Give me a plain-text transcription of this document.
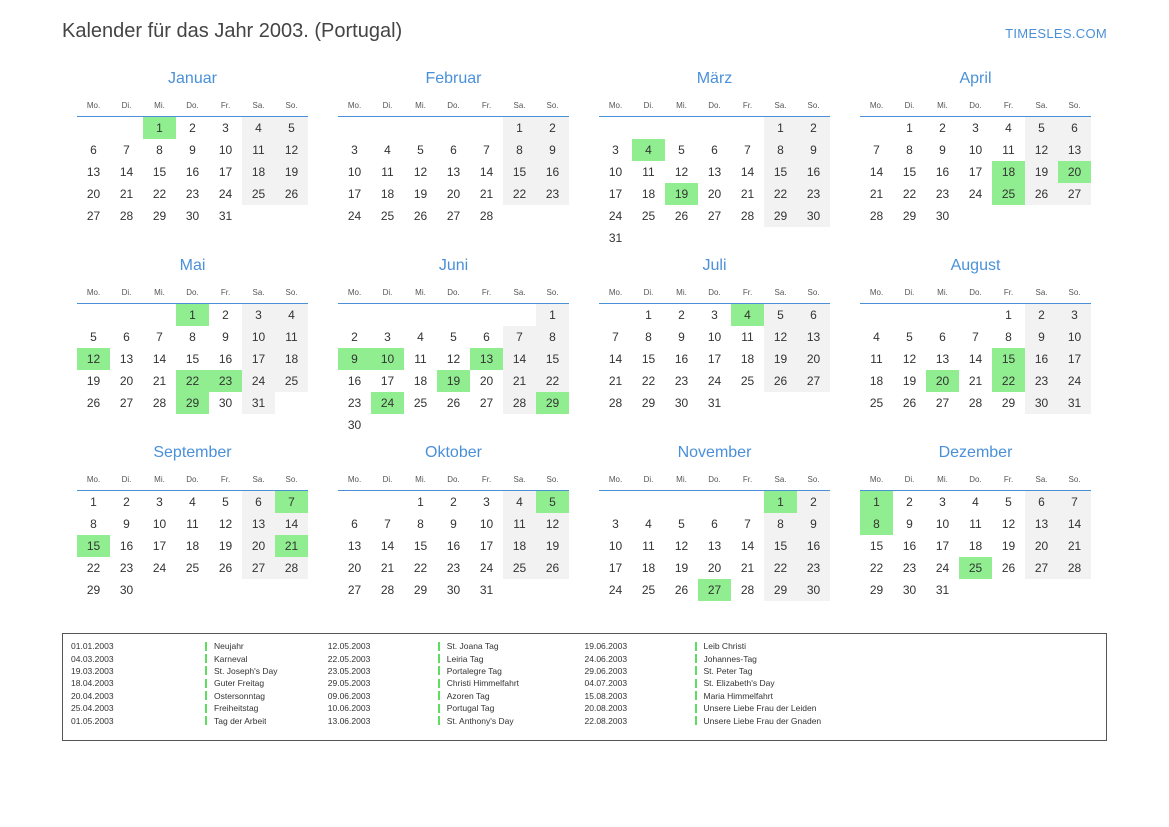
Kalender für das Jahr 2003. (Portugal)	TIMESLES.COM
Januar
Mo.	Di.	Mi.	Do.	Fr.	Sa.	So.

		1	2	3	4	5
6	7	8	9	10	11	12
13	14	15	16	17	18	19
20	21	22	23	24	25	26
27	28	29	30	31		
Februar
Mo.	Di.	Mi.	Do.	Fr.	Sa.	So.

					1	2
3	4	5	6	7	8	9
10	11	12	13	14	15	16
17	18	19	20	21	22	23
24	25	26	27	28		
März
Mo.	Di.	Mi.	Do.	Fr.	Sa.	So.

					1	2
3	4	5	6	7	8	9
10	11	12	13	14	15	16
17	18	19	20	21	22	23
24	25	26	27	28	29	30
31						
April
Mo.	Di.	Mi.	Do.	Fr.	Sa.	So.

	1	2	3	4	5	6
7	8	9	10	11	12	13
14	15	16	17	18	19	20
21	22	23	24	25	26	27
28	29	30				
Mai
Mo.	Di.	Mi.	Do.	Fr.	Sa.	So.

			1	2	3	4
5	6	7	8	9	10	11
12	13	14	15	16	17	18
19	20	21	22	23	24	25
26	27	28	29	30	31	
Juni
Mo.	Di.	Mi.	Do.	Fr.	Sa.	So.

						1
2	3	4	5	6	7	8
9	10	11	12	13	14	15
16	17	18	19	20	21	22
23	24	25	26	27	28	29
30						
Juli
Mo.	Di.	Mi.	Do.	Fr.	Sa.	So.

	1	2	3	4	5	6
7	8	9	10	11	12	13
14	15	16	17	18	19	20
21	22	23	24	25	26	27
28	29	30	31			
August
Mo.	Di.	Mi.	Do.	Fr.	Sa.	So.

				1	2	3
4	5	6	7	8	9	10
11	12	13	14	15	16	17
18	19	20	21	22	23	24
25	26	27	28	29	30	31
September
Mo.	Di.	Mi.	Do.	Fr.	Sa.	So.

1	2	3	4	5	6	7
8	9	10	11	12	13	14
15	16	17	18	19	20	21
22	23	24	25	26	27	28
29	30					
Oktober
Mo.	Di.	Mi.	Do.	Fr.	Sa.	So.

		1	2	3	4	5
6	7	8	9	10	11	12
13	14	15	16	17	18	19
20	21	22	23	24	25	26
27	28	29	30	31		
November
Mo.	Di.	Mi.	Do.	Fr.	Sa.	So.

					1	2
3	4	5	6	7	8	9
10	11	12	13	14	15	16
17	18	19	20	21	22	23
24	25	26	27	28	29	30
Dezember
Mo.	Di.	Mi.	Do.	Fr.	Sa.	So.

1	2	3	4	5	6	7
8	9	10	11	12	13	14
15	16	17	18	19	20	21
22	23	24	25	26	27	28
29	30	31				
01.01.2003	Neujahr
04.03.2003	Karneval
19.03.2003	St. Joseph's Day
18.04.2003	Guter Freitag
20.04.2003	Ostersonntag
25.04.2003	Freiheitstag
01.05.2003	Tag der Arbeit
12.05.2003	St. Joana Tag
22.05.2003	Leiria Tag
23.05.2003	Portalegre Tag
29.05.2003	Christi Himmelfahrt
09.06.2003	Azoren Tag
10.06.2003	Portugal Tag
13.06.2003	St. Anthony's Day
19.06.2003	Leib Christi
24.06.2003	Johannes-Tag
29.06.2003	St. Peter Tag
04.07.2003	St. Elizabeth's Day
15.08.2003	Maria Himmelfahrt
20.08.2003	Unsere Liebe Frau der Leiden
22.08.2003	Unsere Liebe Frau der Gnaden
